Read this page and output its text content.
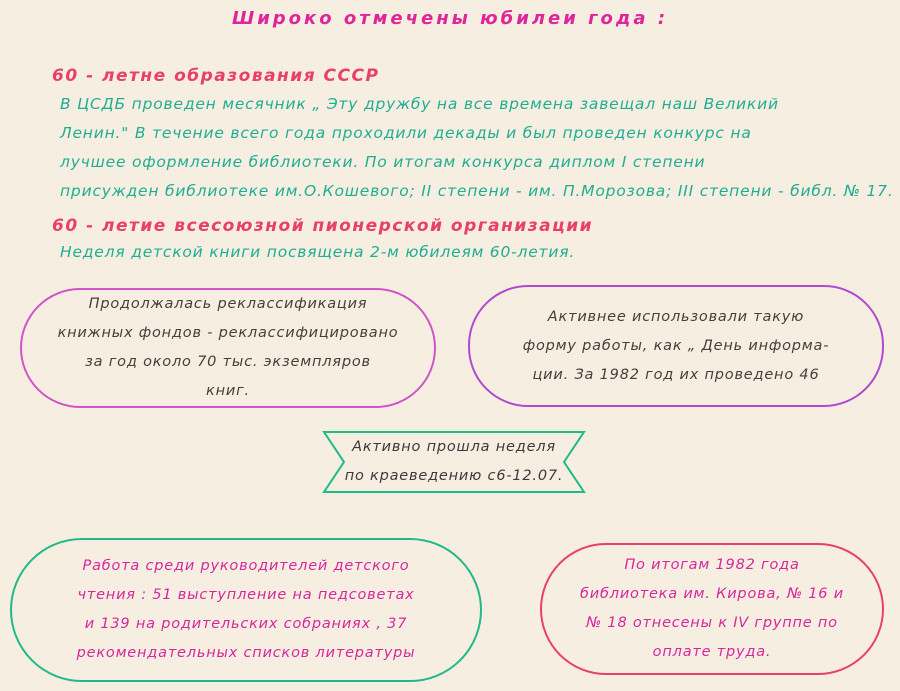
Широко отмечены юбилеи года :
60 - летне образования СССР
В ЦСДБ проведен месячник „ Эту дружбу на все времена завещал наш Великий
Ленин." В течение всего года проходили декады и был проведен конкурс на
лучшее оформление библиотеки. По итогам конкурса диплом I степени
присужден библиотеке им.О.Кошевого; II степени - им. П.Морозова; III степени - библ. № 17.
60 - летие всесоюзной пионерской организации
Неделя детской книги посвящена 2-м юбилеям 60-летия.
Продолжалась реклассификация
книжных фондов - реклассифицировано
за год около 70 тыс. экземпляров
книг.
Активнее использовали такую
форму работы, как „ День информа-
ции. За 1982 год их проведено 46
Активно прошла неделя
по краеведению с6-12.07.
Работа среди руководителей детского
чтения : 51 выступление на педсоветах
и 139 на родительских собраниях , 37
рекомендательных списков литературы
По итогам 1982 года
библиотека им. Кирова, № 16 и
№ 18 отнесены к IV группе по
оплате труда.
